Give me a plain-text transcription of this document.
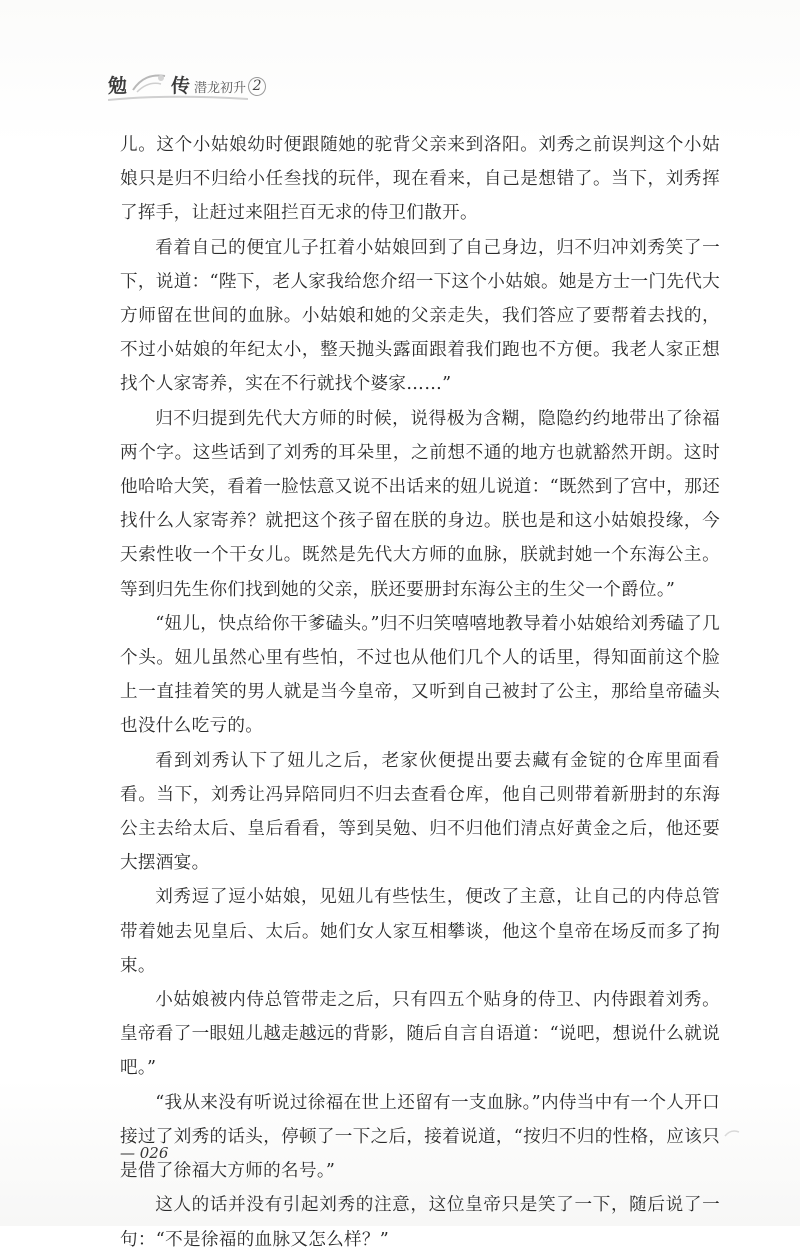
勉 传 潜龙初升 2

儿。这个小姑娘幼时便跟随她的驼背父亲来到洛阳。刘秀之前误判这个小姑娘只是归不归给小任叁找的玩伴，现在看来，自己是想错了。当下，刘秀挥了挥手，让赶过来阻拦百无求的侍卫们散开。

看着自己的便宜儿子扛着小姑娘回到了自己身边，归不归冲刘秀笑了一下，说道：“陛下，老人家我给您介绍一下这个小姑娘。她是方士一门先代大方师留在世间的血脉。小姑娘和她的父亲走失，我们答应了要帮着去找的，不过小姑娘的年纪太小，整天抛头露面跟着我们跑也不方便。我老人家正想找个人家寄养，实在不行就找个婆家……”

归不归提到先代大方师的时候，说得极为含糊，隐隐约约地带出了徐福两个字。这些话到了刘秀的耳朵里，之前想不通的地方也就豁然开朗。这时他哈哈大笑，看着一脸怯意又说不出话来的妞儿说道：“既然到了宫中，那还找什么人家寄养？就把这个孩子留在朕的身边。朕也是和这小姑娘投缘，今天索性收一个干女儿。既然是先代大方师的血脉，朕就封她一个东海公主。等到归先生你们找到她的父亲，朕还要册封东海公主的生父一个爵位。”

“妞儿，快点给你干爹磕头。”归不归笑嘻嘻地教导着小姑娘给刘秀磕了几个头。妞儿虽然心里有些怕，不过也从他们几个人的话里，得知面前这个脸上一直挂着笑的男人就是当今皇帝，又听到自己被封了公主，那给皇帝磕头也没什么吃亏的。

看到刘秀认下了妞儿之后，老家伙便提出要去藏有金锭的仓库里面看看。当下，刘秀让冯异陪同归不归去查看仓库，他自己则带着新册封的东海公主去给太后、皇后看看，等到吴勉、归不归他们清点好黄金之后，他还要大摆酒宴。

刘秀逗了逗小姑娘，见妞儿有些怯生，便改了主意，让自己的内侍总管带着她去见皇后、太后。她们女人家互相攀谈，他这个皇帝在场反而多了拘束。

小姑娘被内侍总管带走之后，只有四五个贴身的侍卫、内侍跟着刘秀。皇帝看了一眼妞儿越走越远的背影，随后自言自语道：“说吧，想说什么就说吧。”

“我从来没有听说过徐福在世上还留有一支血脉。”内侍当中有一个人开口接过了刘秀的话头，停顿了一下之后，接着说道，“按归不归的性格，应该只是借了徐福大方师的名号。”

这人的话并没有引起刘秀的注意，这位皇帝只是笑了一下，随后说了一句：“不是徐福的血脉又怎么样？”

— 026
